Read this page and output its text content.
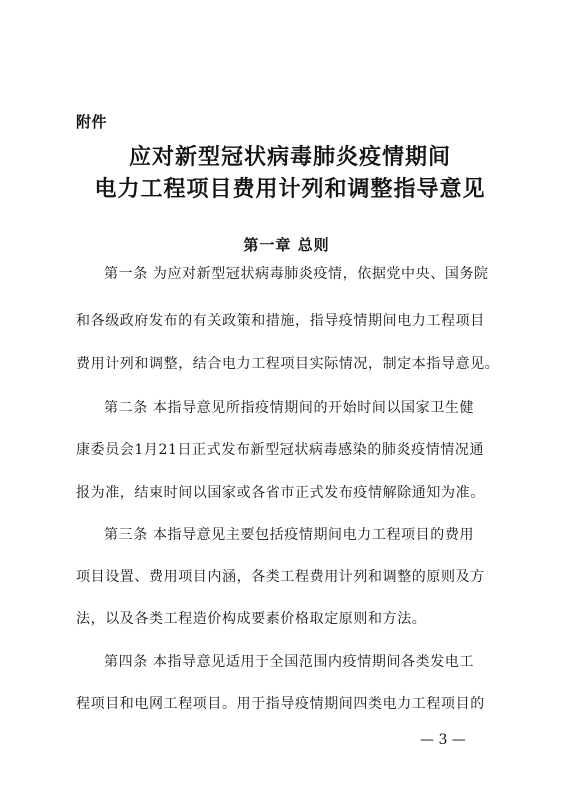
附件
应对新型冠状病毒肺炎疫情期间
电力工程项目费用计列和调整指导意见
第一章 总则
第一条 为应对新型冠状病毒肺炎疫情，依据党中央、国务院
和各级政府发布的有关政策和措施，指导疫情期间电力工程项目
费用计列和调整，结合电力工程项目实际情况，制定本指导意见。
第二条 本指导意见所指疫情期间的开始时间以国家卫生健
康委员会1月21日正式发布新型冠状病毒感染的肺炎疫情情况通
报为准，结束时间以国家或各省市正式发布疫情解除通知为准。
第三条 本指导意见主要包括疫情期间电力工程项目的费用
项目设置、费用项目内涵，各类工程费用计列和调整的原则及方
法，以及各类工程造价构成要素价格取定原则和方法。
第四条 本指导意见适用于全国范围内疫情期间各类发电工
程项目和电网工程项目。用于指导疫情期间四类电力工程项目的
— 3 —
